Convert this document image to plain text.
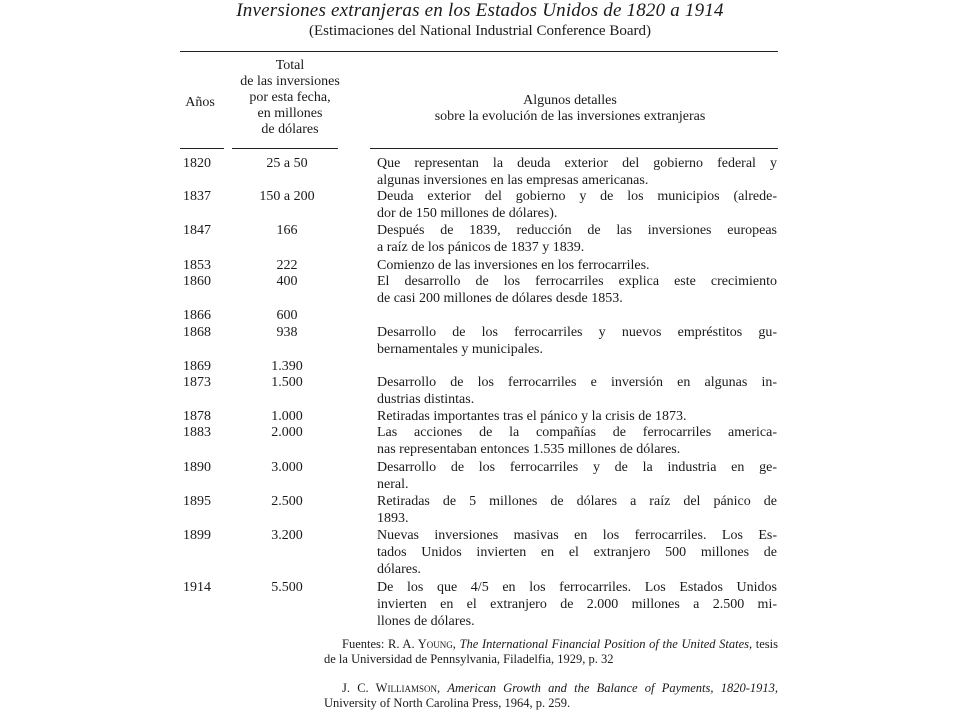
Inversiones extranjeras en los Estados Unidos de 1820 a 1914
(Estimaciones del National Industrial Conference Board)
Años
Total
de las inversiones
por esta fecha,
en millones
de dólares
Algunos detalles
sobre la evolución de las inversiones extranjeras
1820	25 a 50	Que representan la deuda exterior del gobierno federal y
algunas inversiones en las empresas americanas.
1837	150 a 200	Deuda exterior del gobierno y de los municipios (alrede-
dor de 150 millones de dólares).
1847	166	Después de 1839, reducción de las inversiones europeas
a raíz de los pánicos de 1837 y 1839.
1853	222	Comienzo de las inversiones en los ferrocarriles.
1860	400	El desarrollo de los ferrocarriles explica este crecimiento
de casi 200 millones de dólares desde 1853.
1866	600
1868	938	Desarrollo de los ferrocarriles y nuevos empréstitos gu-
bernamentales y municipales.
1869	1.390
1873	1.500	Desarrollo de los ferrocarriles e inversión en algunas in-
dustrias distintas.
1878	1.000	Retiradas importantes tras el pánico y la crisis de 1873.
1883	2.000	Las acciones de la compañías de ferrocarriles america-
nas representaban entonces 1.535 millones de dólares.
1890	3.000	Desarrollo de los ferrocarriles y de la industria en ge-
neral.
1895	2.500	Retiradas de 5 millones de dólares a raíz del pánico de
1893.
1899	3.200	Nuevas inversiones masivas en los ferrocarriles. Los Es-
tados Unidos invierten en el extranjero 500 millones de
dólares.
1914	5.500	De los que 4/5 en los ferrocarriles. Los Estados Unidos
invierten en el extranjero de 2.000 millones a 2.500 mi-
llones de dólares.
Fuentes: R. A. Young, The International Financial Position of the United States, tesis de la Universidad de Pennsylvania, Filadelfia, 1929, p. 32
J. C. Williamson, American Growth and the Balance of Payments, 1820-1913, University of North Carolina Press, 1964, p. 259.
